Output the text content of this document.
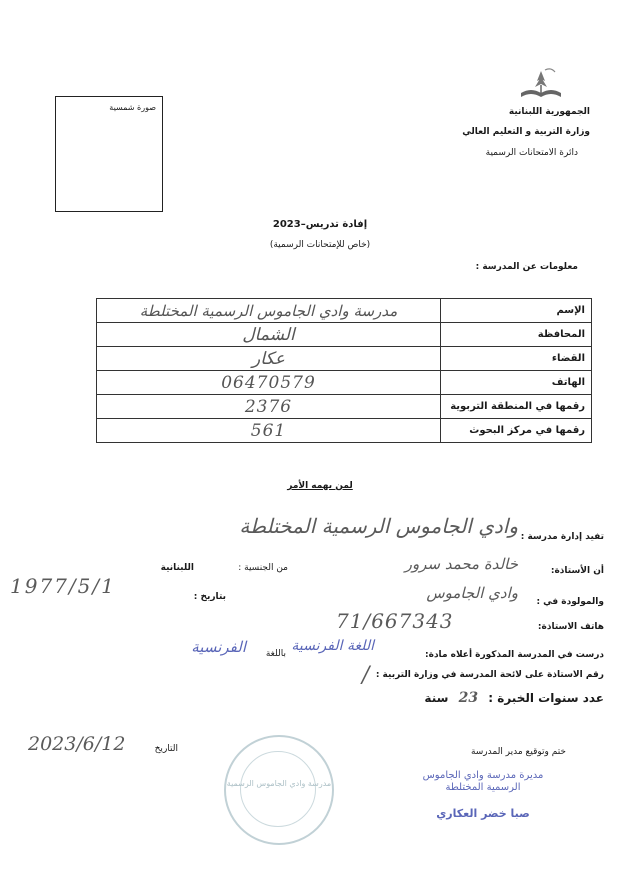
الجمهورية اللبنانية
وزارة التربية و التعليم العالي
دائرة الامتحانات الرسمية
صورة شمسية
إفادة تدريس–2023
(خاص للإمتحانات الرسمية)
معلومات عن المدرسة :
الإسم	مدرسة وادي الجاموس الرسمية المختلطة
المحافظة	الشمال
القضاء	عكار
الهاتف	06470579
رقمها في المنطقة التربوية	2376
رقمها في مركز البحوث	561
لمن يهمه الأمر
تفيد إدارة مدرسة :
وادي الجاموس الرسمية المختلطة
أن الأستاذة:
خالدة محمد سرور
من الجنسية :
اللبنانية
والمولودة في :
وادي الجاموس
بتاريخ :
1977/5/1
هاتف الاستاذة:
71/667343
درست في المدرسة المذكورة أعلاه مادة:
اللغة الفرنسية
باللغة
الفرنسية
رقم الاستاذة على لائحة المدرسة في وزارة التربية :
/
عدد سنوات الخبرة : 23 سنة
ختم وتوقيع مدير المدرسة
التاريخ
2023/6/12
مديرة مدرسة وادي الجاموس
الرسمية المختلطة
صبا خضر العكاري
مدرسة وادي الجاموس الرسمية
